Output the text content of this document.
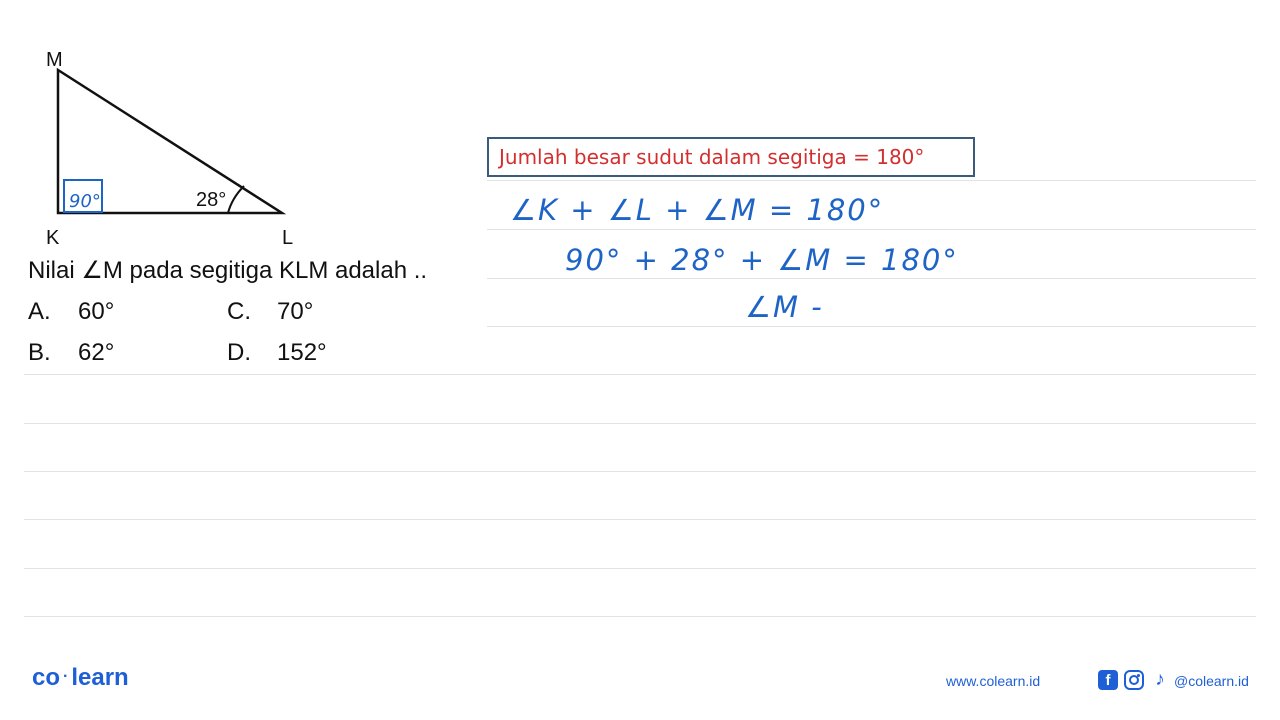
M
K	L
90°	28°
Nilai ∠M pada segitiga KLM adalah ..
A. 60°	C. 70°
B. 62°	D. 152°
Jumlah besar sudut dalam segitiga = 180°
∠K + ∠L + ∠M = 180°
90° + 28° + ∠M = 180°
∠M -
co · learn	www.colearn.id	f	♪ @colearn.id
